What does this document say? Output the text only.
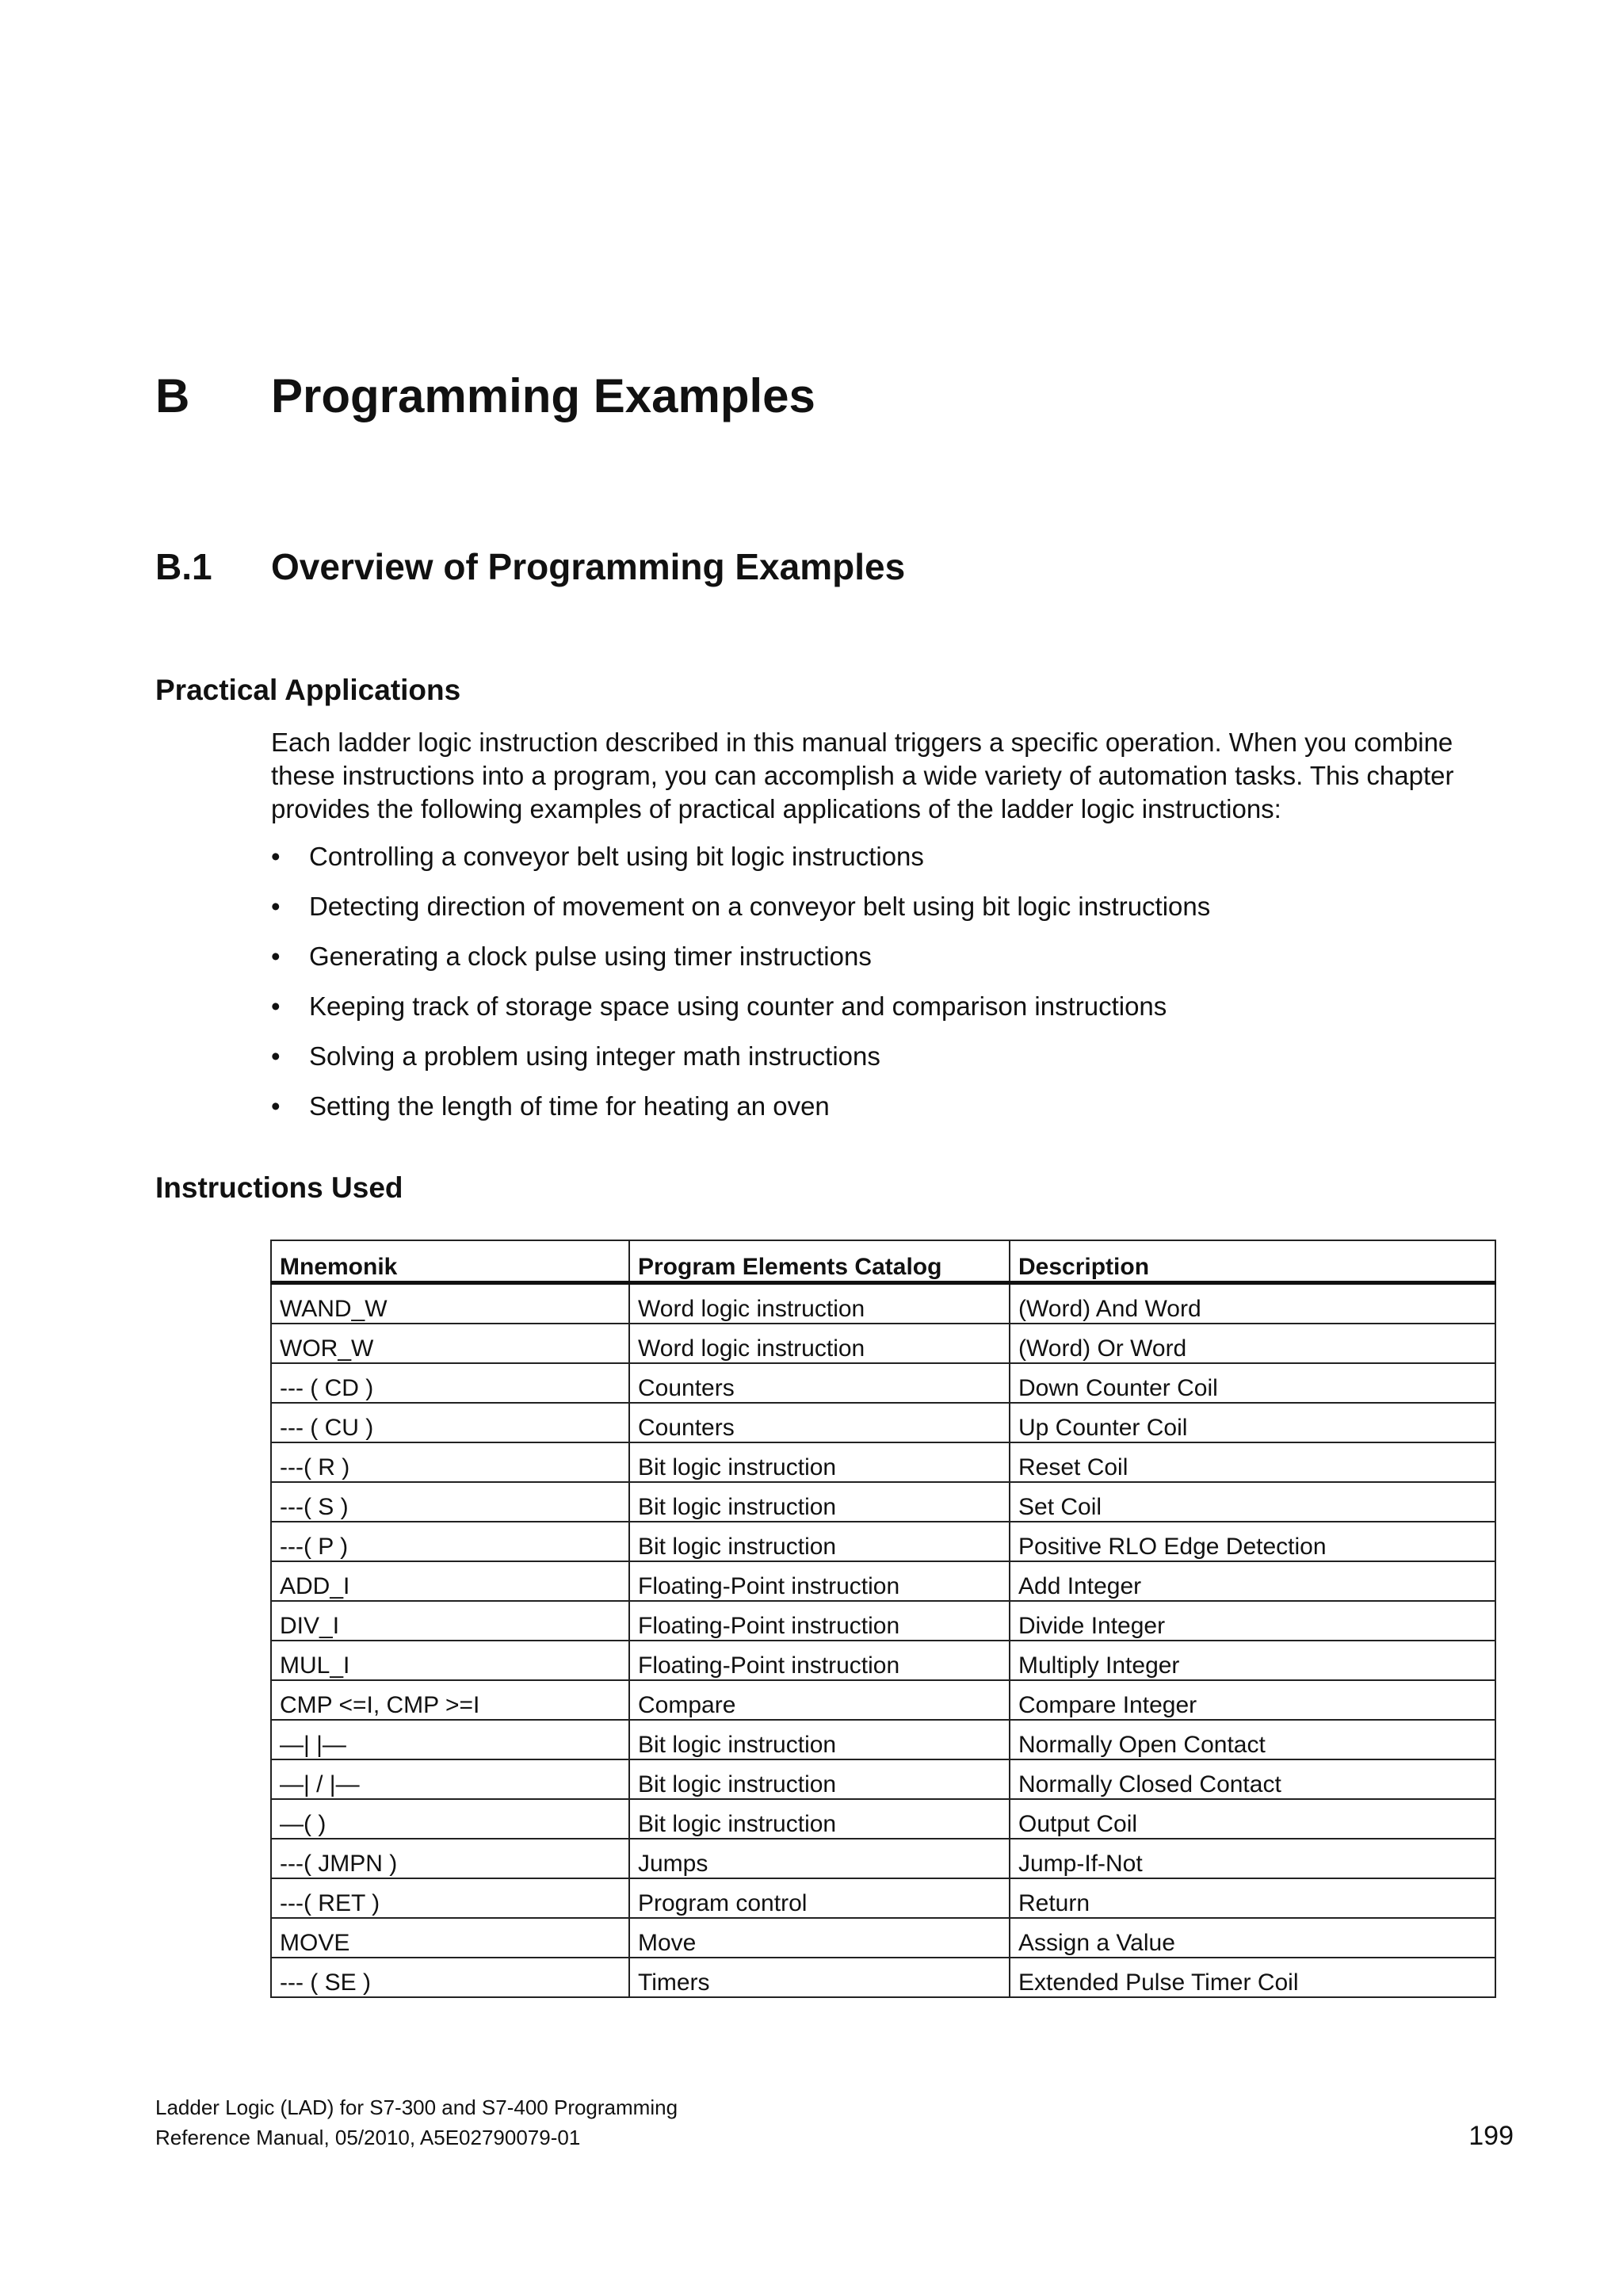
B Programming Examples
B.1 Overview of Programming Examples
Practical Applications

Each ladder logic instruction described in this manual triggers a specific operation. When you combine these instructions into a program, you can accomplish a wide variety of automation tasks. This chapter provides the following examples of practical applications of the ladder logic instructions:

•	Controlling a conveyor belt using bit logic instructions
•	Detecting direction of movement on a conveyor belt using bit logic instructions
•	Generating a clock pulse using timer instructions
•	Keeping track of storage space using counter and comparison instructions
•	Solving a problem using integer math instructions
•	Setting the length of time for heating an oven
Instructions Used
Mnemonik	Program Elements Catalog	Description
WAND_W	Word logic instruction	(Word) And Word
WOR_W	Word logic instruction	(Word) Or Word
--- ( CD )	Counters	Down Counter Coil
--- ( CU )	Counters	Up Counter Coil
---( R )	Bit logic instruction	Reset Coil
---( S )	Bit logic instruction	Set Coil
---( P )	Bit logic instruction	Positive RLO Edge Detection
ADD_I	Floating-Point instruction	Add Integer
DIV_I	Floating-Point instruction	Divide Integer
MUL_I	Floating-Point instruction	Multiply Integer
CMP <=I, CMP >=I	Compare	Compare Integer
—| |—	Bit logic instruction	Normally Open Contact
—| / |—	Bit logic instruction	Normally Closed Contact
—( )	Bit logic instruction	Output Coil
---( JMPN )	Jumps	Jump-If-Not
---( RET )	Program control	Return
MOVE	Move	Assign a Value
--- ( SE )	Timers	Extended Pulse Timer Coil
Ladder Logic (LAD) for S7-300 and S7-400 Programming
Reference Manual, 05/2010, A5E02790079-01	199
